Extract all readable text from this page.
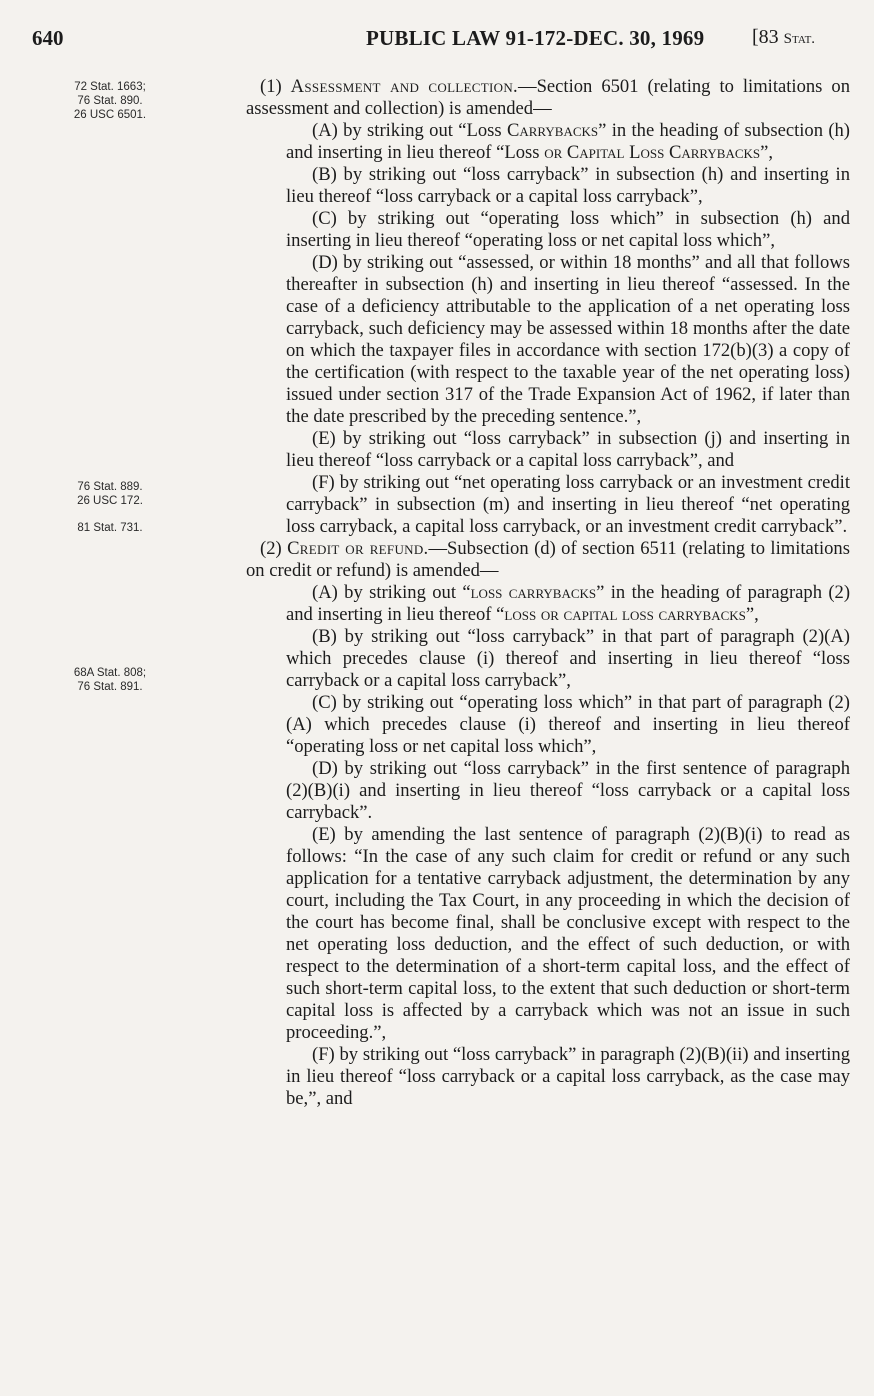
640	PUBLIC LAW 91-172-DEC. 30, 1969 [83 Stat.
72 Stat. 1663;
76 Stat. 890.
26 USC 6501.
76 Stat. 889.
26 USC 172.
81 Stat. 731.
68A Stat. 808;
76 Stat. 891.

(1) Assessment and collection.—Section 6501 (relating to limitations on assessment and collection) is amended—

(A) by striking out “Loss Carrybacks” in the heading of subsection (h) and inserting in lieu thereof “Loss or Capital Loss Carrybacks”,

(B) by striking out “loss carryback” in subsection (h) and inserting in lieu thereof “loss carryback or a capital loss carryback”,

(C) by striking out “operating loss which” in subsection (h) and inserting in lieu thereof “operating loss or net capital loss which”,

(D) by striking out “assessed, or within 18 months” and all that follows thereafter in subsection (h) and inserting in lieu thereof “assessed. In the case of a deficiency attributable to the application of a net operating loss carryback, such deficiency may be assessed within 18 months after the date on which the taxpayer files in accordance with section 172(b)(3) a copy of the certification (with respect to the taxable year of the net operating loss) issued under section 317 of the Trade Expansion Act of 1962, if later than the date prescribed by the preceding sentence.”,

(E) by striking out “loss carryback” in subsection (j) and inserting in lieu thereof “loss carryback or a capital loss carryback”, and

(F) by striking out “net operating loss carryback or an investment credit carryback” in subsection (m) and inserting in lieu thereof “net operating loss carryback, a capital loss carryback, or an investment credit carryback”.

(2) Credit or refund.—Subsection (d) of section 6511 (relating to limitations on credit or refund) is amended—

(A) by striking out “loss carrybacks” in the heading of paragraph (2) and inserting in lieu thereof “loss or capital loss carrybacks”,

(B) by striking out “loss carryback” in that part of paragraph (2)(A) which precedes clause (i) thereof and inserting in lieu thereof “loss carryback or a capital loss carryback”,

(C) by striking out “operating loss which” in that part of paragraph (2)(A) which precedes clause (i) thereof and inserting in lieu thereof “operating loss or net capital loss which”,

(D) by striking out “loss carryback” in the first sentence of paragraph (2)(B)(i) and inserting in lieu thereof “loss carryback or a capital loss carryback”.

(E) by amending the last sentence of paragraph (2)(B)(i) to read as follows: “In the case of any such claim for credit or refund or any such application for a tentative carryback adjustment, the determination by any court, including the Tax Court, in any proceeding in which the decision of the court has become final, shall be conclusive except with respect to the net operating loss deduction, and the effect of such deduction, or with respect to the determination of a short-term capital loss, and the effect of such short-term capital loss, to the extent that such deduction or short-term capital loss is affected by a carryback which was not an issue in such proceeding.”,

(F) by striking out “loss carryback” in paragraph (2)(B)(ii) and inserting in lieu thereof “loss carryback or a capital loss carryback, as the case may be,”, and
